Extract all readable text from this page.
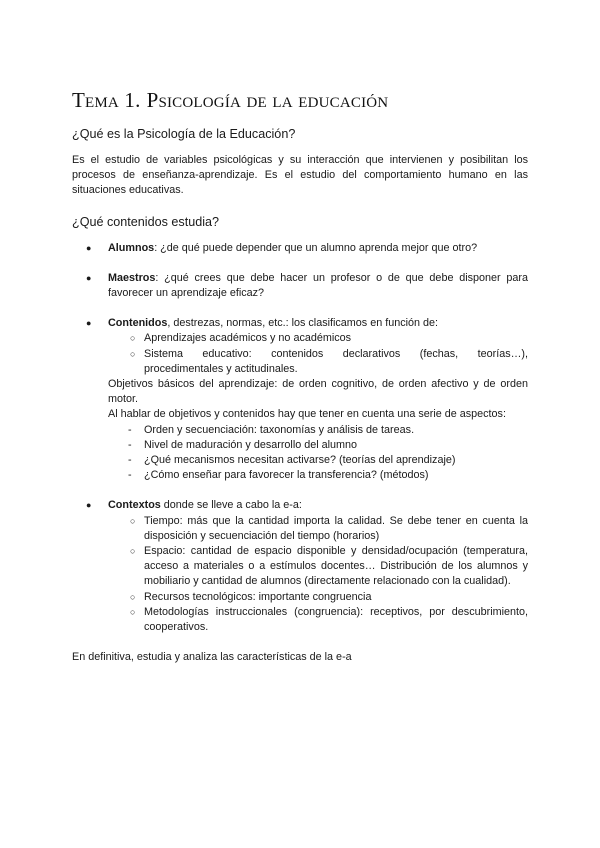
Tema 1. Psicología de la educación
¿Qué es la Psicología de la Educación?

Es el estudio de variables psicológicas y su interacción que intervienen y posibilitan los procesos de enseñanza-aprendizaje. Es el estudio del comportamiento humano en las situaciones educativas.

¿Qué contenidos estudia?
● Alumnos: ¿de qué puede depender que un alumno aprenda mejor que otro?
● Maestros: ¿qué crees que debe hacer un profesor o de que debe disponer para favorecer un aprendizaje eficaz?
● Contenidos, destrezas, normas, etc.: los clasificamos en función de:
○ Aprendizajes académicos y no académicos
○ Sistema educativo: contenidos declarativos (fechas, teorías…), procedimentales y actitudinales.
Objetivos básicos del aprendizaje: de orden cognitivo, de orden afectivo y de orden motor.
Al hablar de objetivos y contenidos hay que tener en cuenta una serie de aspectos:
- Orden y secuenciación: taxonomías y análisis de tareas.
- Nivel de maduración y desarrollo del alumno
- ¿Qué mecanismos necesitan activarse? (teorías del aprendizaje)
- ¿Cómo enseñar para favorecer la transferencia? (métodos)
● Contextos donde se lleve a cabo la e-a:
○ Tiempo: más que la cantidad importa la calidad. Se debe tener en cuenta la disposición y secuenciación del tiempo (horarios)
○ Espacio: cantidad de espacio disponible y densidad/ocupación (temperatura, acceso a materiales o a estímulos docentes… Distribución de los alumnos y mobiliario y cantidad de alumnos (directamente relacionado con la cualidad).
○ Recursos tecnológicos: importante congruencia
○ Metodologías instruccionales (congruencia): receptivos, por descubrimiento, cooperativos.
En definitiva, estudia y analiza las características de la e-a
